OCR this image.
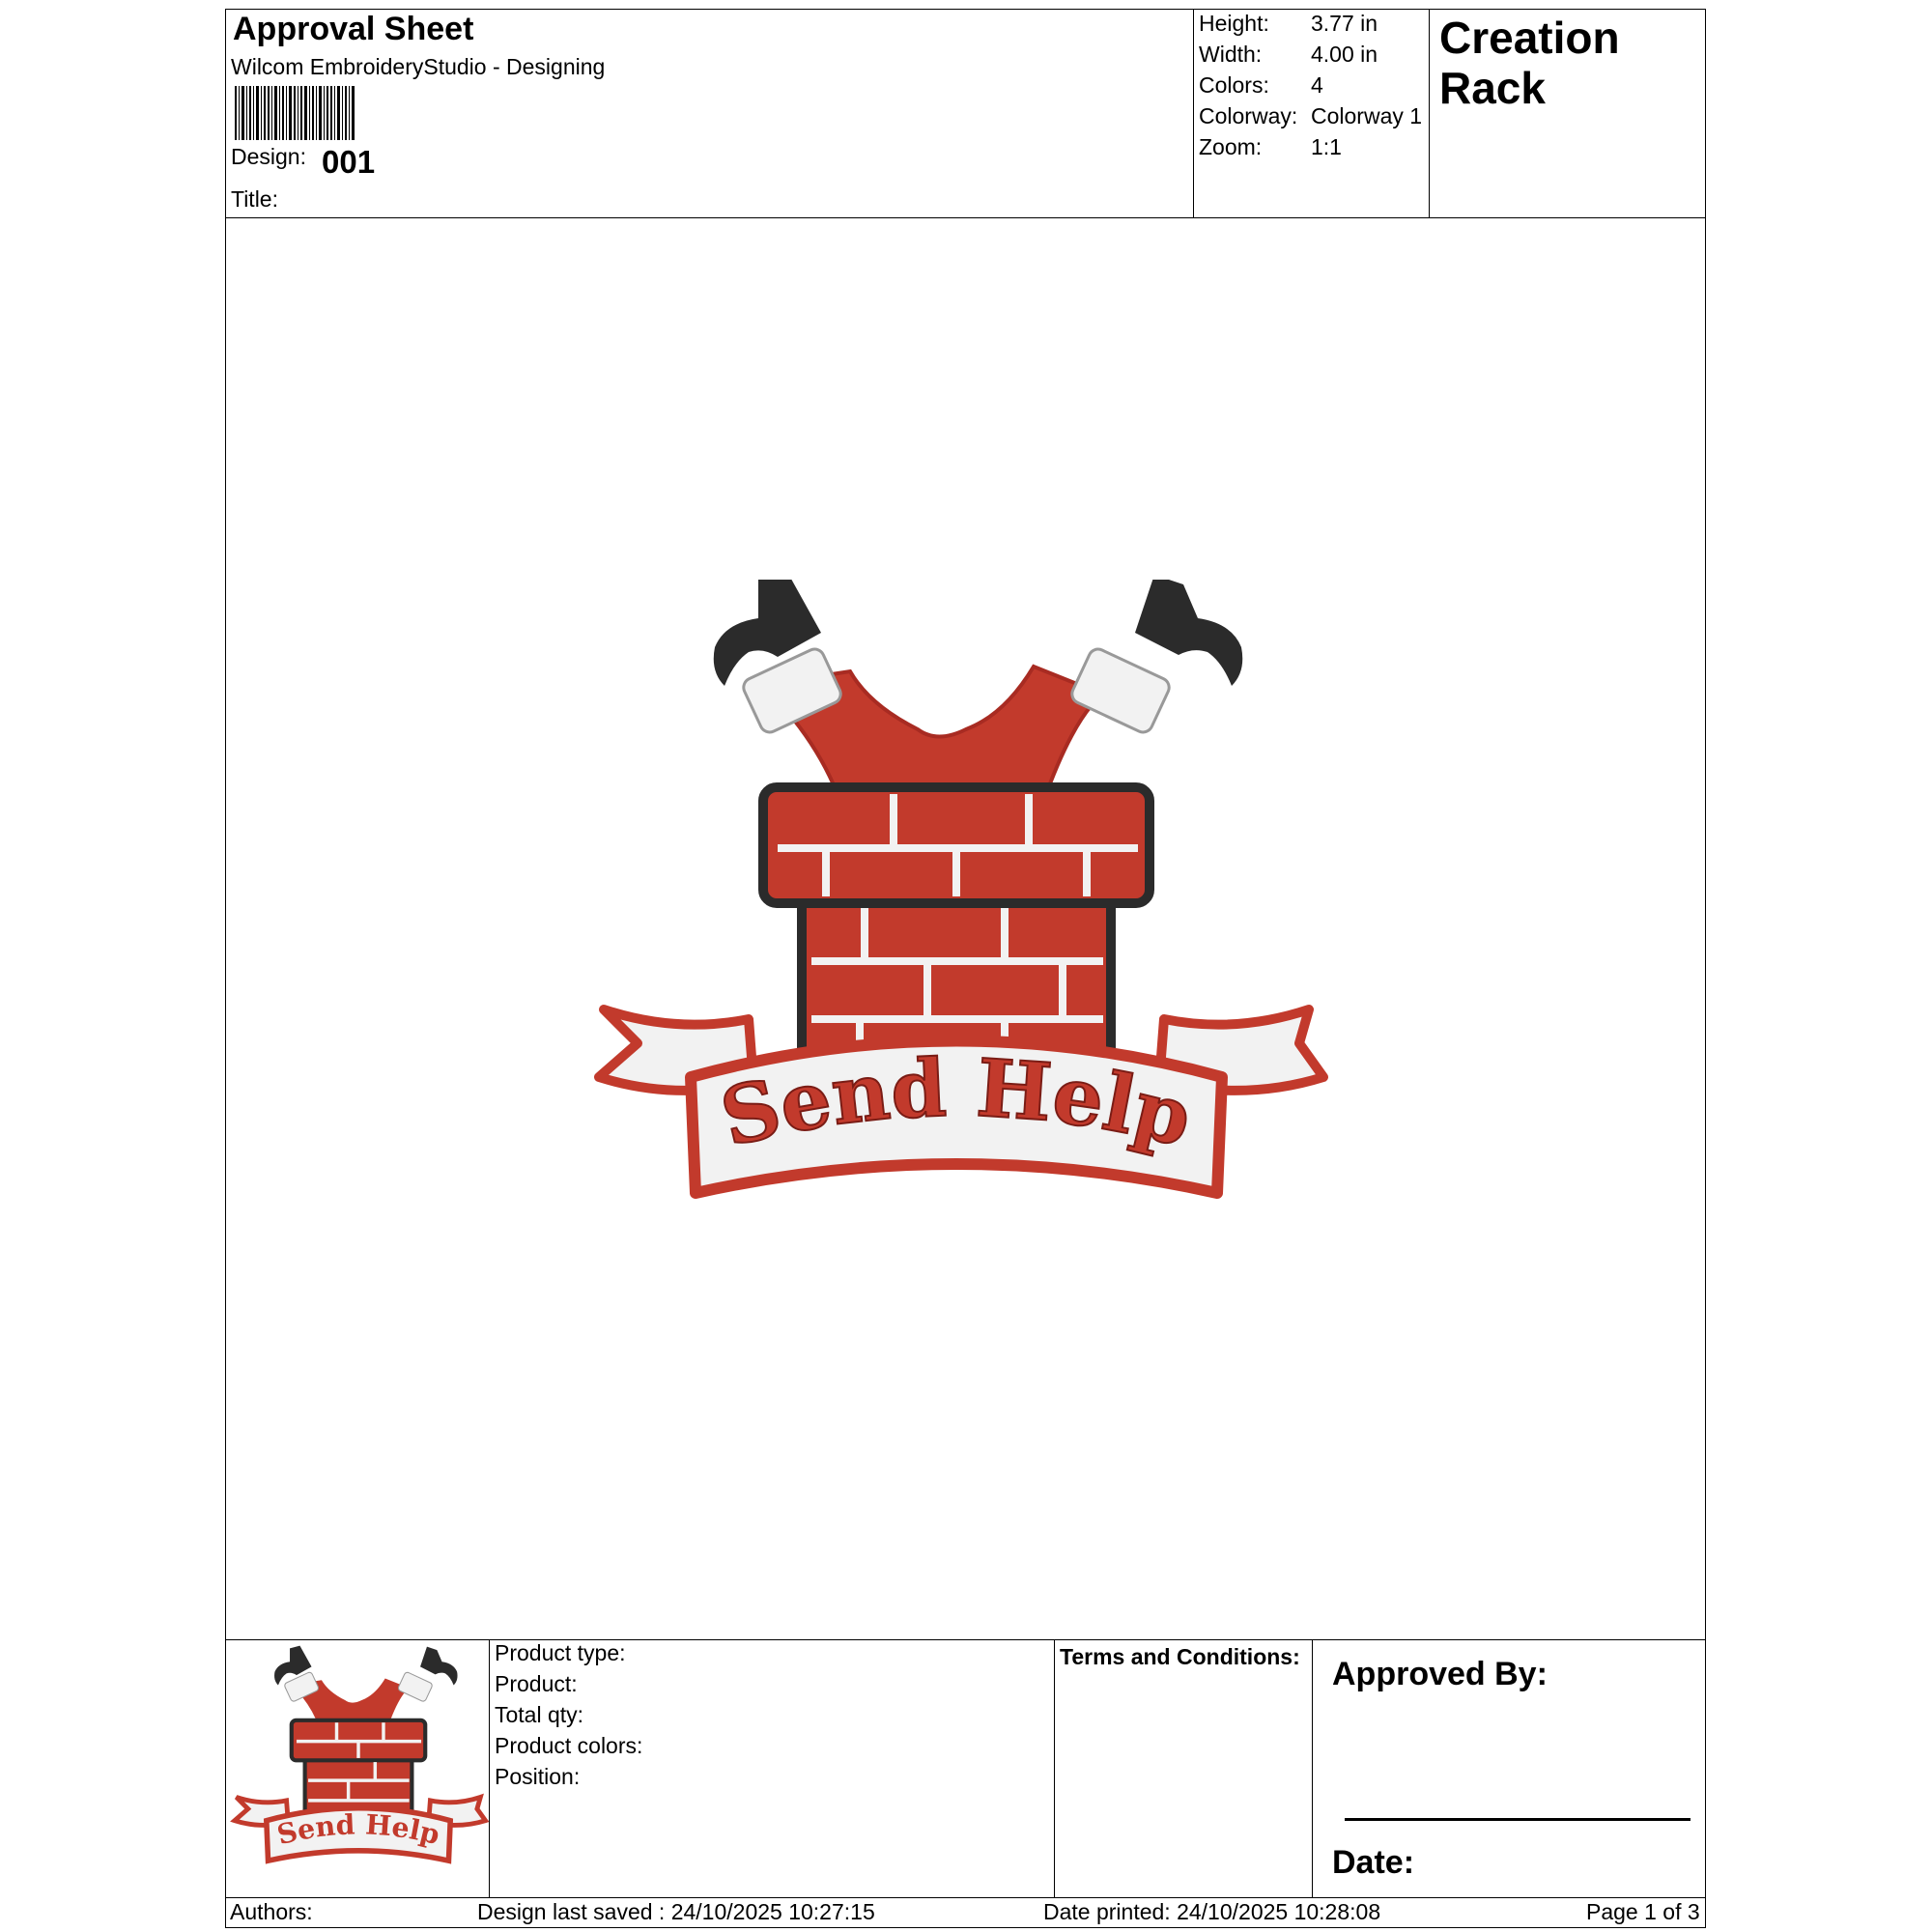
Approval Sheet
Wilcom EmbroideryStudio - Designing
Design: 001
Title:
Height: 3.77 in
Width: 4.00 in
Colors: 4
Colorway: Colorway 1
Zoom: 1:1
Creation Rack
Send Help
Send Help
Product type:
Product:
Total qty:
Product colors:
Position:
Terms and Conditions: Approved By:
Date:
Authors:	Design last saved : 24/10/2025 10:27:15	Date printed: 24/10/2025 10:28:08	Page 1 of 3
